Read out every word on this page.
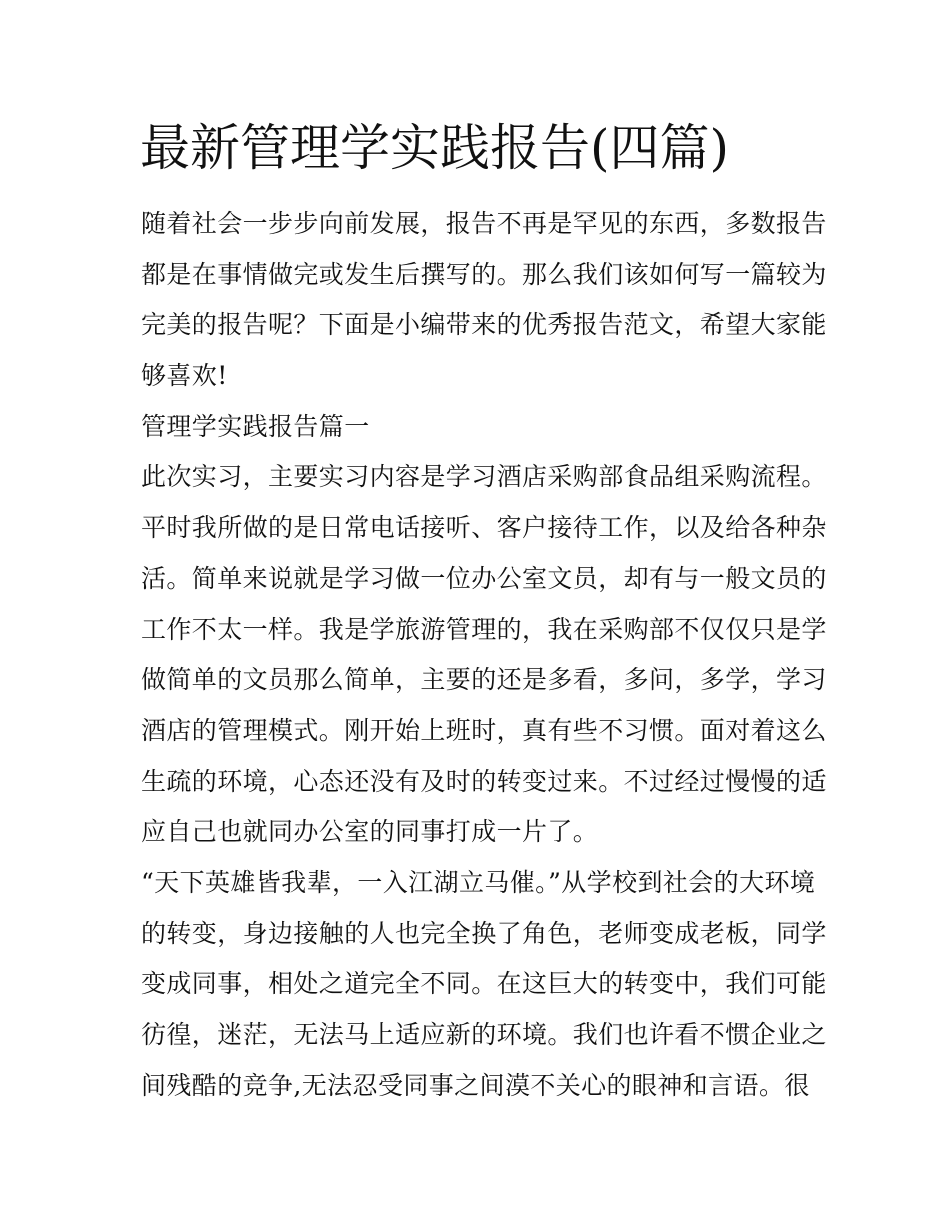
最新管理学实践报告(四篇)
随着社会一步步向前发展，报告不再是罕见的东西，多数报告
都是在事情做完或发生后撰写的。那么我们该如何写一篇较为
完美的报告呢？下面是小编带来的优秀报告范文，希望大家能
够喜欢!
管理学实践报告篇一
此次实习，主要实习内容是学习酒店采购部食品组采购流程。
平时我所做的是日常电话接听、客户接待工作，以及给各种杂
活。简单来说就是学习做一位办公室文员，却有与一般文员的
工作不太一样。我是学旅游管理的，我在采购部不仅仅只是学
做简单的文员那么简单，主要的还是多看，多问，多学，学习
酒店的管理模式。刚开始上班时，真有些不习惯。面对着这么
生疏的环境，心态还没有及时的转变过来。不过经过慢慢的适
应自己也就同办公室的同事打成一片了。
“天下英雄皆我辈，一入江湖立马催。”从学校到社会的大环境
的转变，身边接触的人也完全换了角色，老师变成老板，同学
变成同事，相处之道完全不同。在这巨大的转变中，我们可能
彷徨，迷茫，无法马上适应新的环境。我们也许看不惯企业之
间残酷的竞争,无法忍受同事之间漠不关心的眼神和言语。很
